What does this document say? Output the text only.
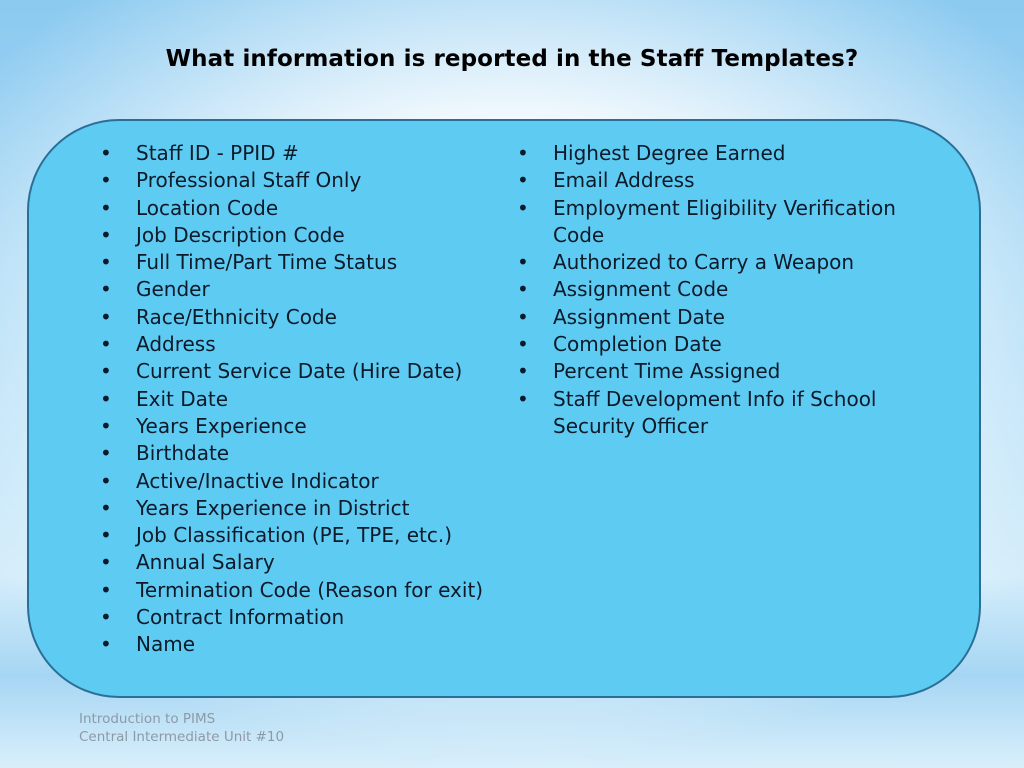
What information is reported in the Staff Templates?
•	Staff ID - PPID #
•	Professional Staff Only
•	Location Code
•	Job Description Code
•	Full Time/Part Time Status
•	Gender
•	Race/Ethnicity Code
•	Address
•	Current Service Date (Hire Date)
•	Exit Date
•	Years Experience
•	Birthdate
•	Active/Inactive Indicator
•	Years Experience in District
•	Job Classification (PE, TPE, etc.)
•	Annual Salary
•	Termination Code (Reason for exit)
•	Contract Information
•	Name
•	Highest Degree Earned
•	Email Address
•	Employment Eligibility Verification Code
•	Authorized to Carry a Weapon
•	Assignment Code
•	Assignment Date
•	Completion Date
•	Percent Time Assigned
•	Staff Development Info if School Security Officer
Introduction to PIMS
Central Intermediate Unit #10
